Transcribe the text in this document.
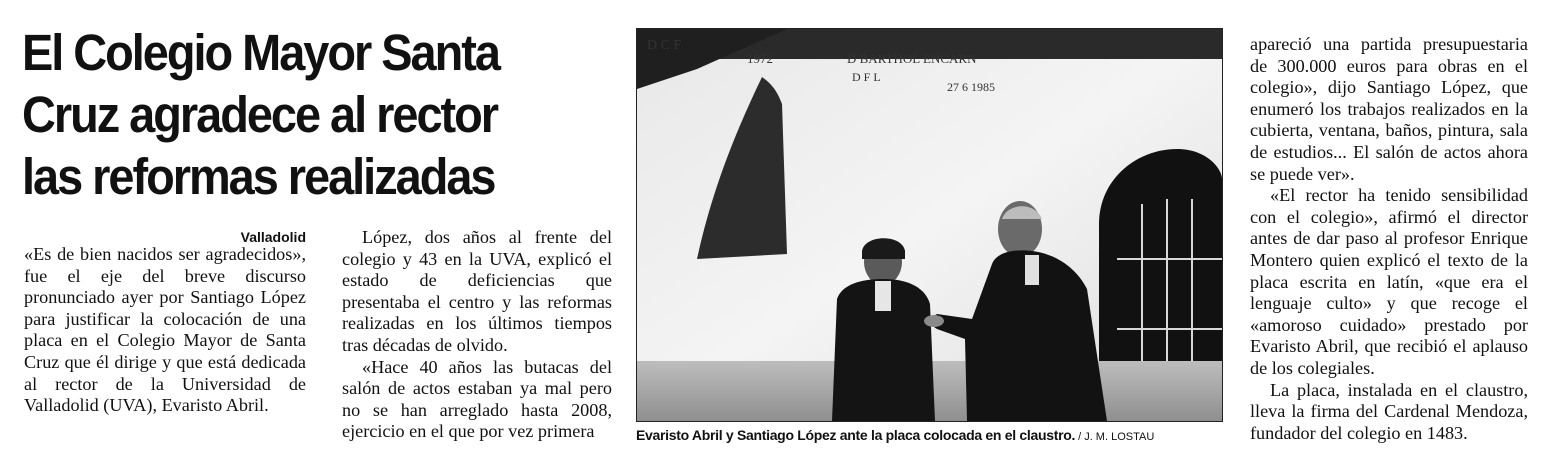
El Colegio Mayor Santa
Cruz agradece al rector
las reformas realizadas
Valladolid

«Es de bien nacidos ser agradecidos», fue el eje del breve discurso pronunciado ayer por Santiago López para justificar la colocación de una placa en el Colegio Mayor de Santa Cruz que él dirige y que está dedicada al rector de la Universidad de Valladolid (UVA), Evaristo Abril.

López, dos años al frente del colegio y 43 en la UVA, explicó el estado de deficiencias que presentaba el centro y las reformas realizadas en los últimos tiempos tras décadas de olvido.

«Hace 40 años las butacas del salón de actos estaban ya mal pero no se han arreglado hasta 2008, ejercicio en el que por vez primera

D C F
1972	D BARTHOL ENCARN
D F L
27 6 1985
Evaristo Abril y Santiago López ante la placa colocada en el claustro. / J. M. LOSTAU

apareció una partida presupuestaria de 300.000 euros para obras en el colegio», dijo Santiago López, que enumeró los trabajos realizados en la cubierta, ventana, baños, pintura, sala de estudios... El salón de actos ahora se puede ver».

«El rector ha tenido sensibilidad con el colegio», afirmó el director antes de dar paso al profesor Enrique Montero quien explicó el texto de la placa escrita en latín, «que era el lenguaje culto» y que recoge el «amoroso cuidado» prestado por Evaristo Abril, que recibió el aplauso de los colegiales.

La placa, instalada en el claustro, lleva la firma del Cardenal Mendoza, fundador del colegio en 1483.
